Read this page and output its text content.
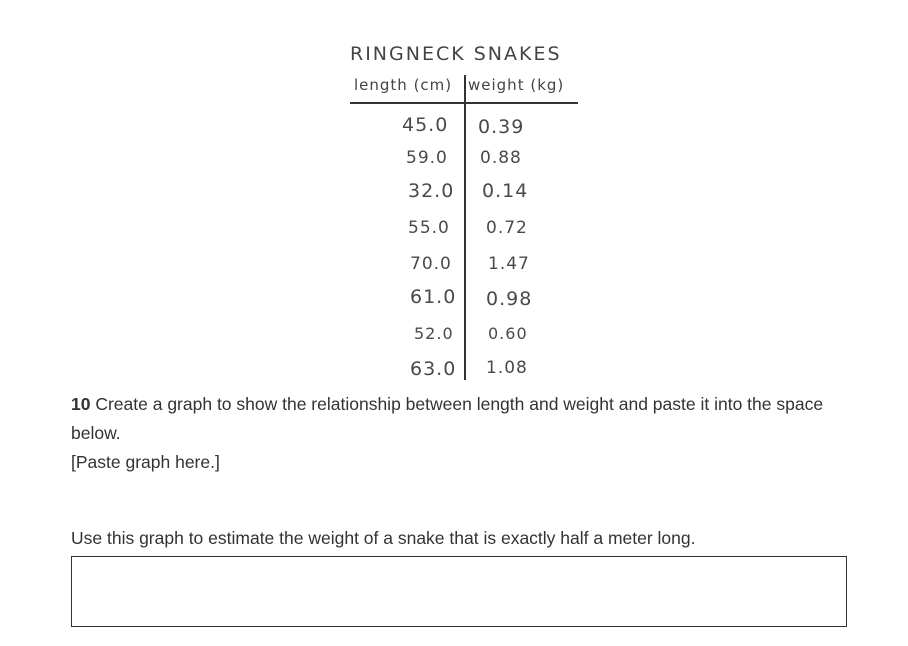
RINGNECK SNAKES
length (cm) weight (kg)
45.0 0.39
59.0 0.88
32.0 0.14
55.0 0.72
70.0 1.47
61.0 0.98
52.0 0.60
63.0 1.08
10 Create a graph to show the relationship between length and weight and paste it into the space below.
[Paste graph here.]
Use this graph to estimate the weight of a snake that is exactly half a meter long.
